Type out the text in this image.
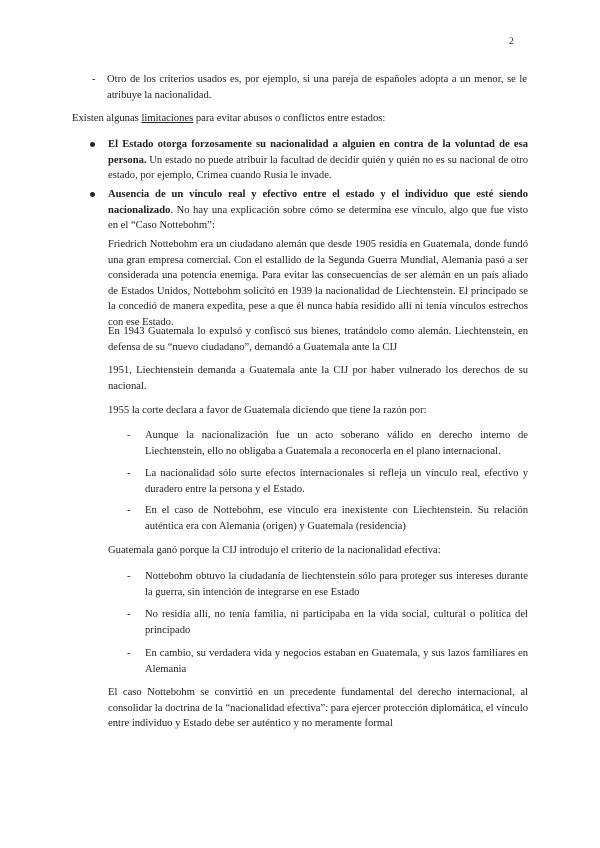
2
- Otro de los criterios usados es, por ejemplo, si una pareja de españoles adopta a un menor, se le atribuye la nacionalidad.

Existen algunas limitaciones para evitar abusos o conflictos entre estados:

El Estado otorga forzosamente su nacionalidad a alguien en contra de la voluntad de esa persona. Un estado no puede atribuir la facultad de decidir quién y quién no es su nacional de otro estado, por ejemplo, Crimea cuando Rusia le invade.

Ausencia de un vínculo real y efectivo entre el estado y el individuo que esté siendo nacionalizado. No hay una explicación sobre cómo se determina ese vínculo, algo que fue visto en el “Caso Nottebohm”:

Friedrich Nottebohm era un ciudadano alemán que desde 1905 residía en Guatemala, donde fundó una gran empresa comercial. Con el estallido de la Segunda Guerra Mundial, Alemania pasó a ser considerada una potencia enemiga. Para evitar las consecuencias de ser alemán en un país aliado de Estados Unidos, Nottebohm solicitó en 1939 la nacionalidad de Liechtenstein. El principado se la concedió de manera expedita, pese a que él nunca había residido allí ni tenía vínculos estrechos con ese Estado.

En 1943 Guatemala lo expulsó y confiscó sus bienes, tratándolo como alemán. Liechtenstein, en defensa de su “nuevo ciudadano”, demandó a Guatemala ante la CIJ

1951, Liechtenstein demanda a Guatemala ante la CIJ por haber vulnerado los derechos de su nacional.

1955 la corte declara a favor de Guatemala diciendo que tiene la razón por:

- Aunque la nacionalización fue un acto soberano válido en derecho interno de Liechtenstein, ello no obligaba a Guatemala a reconocerla en el plano internacional.

- La nacionalidad sólo surte efectos internacionales si refleja un vínculo real, efectivo y duradero entre la persona y el Estado.

- En el caso de Nottebohm, ese vínculo era inexistente con Liechtenstein. Su relación auténtica era con Alemania (origen) y Guatemala (residencia)

Guatemala ganó porque la CIJ introdujo el criterio de la nacionalidad efectiva:

- Nottebohm obtuvo la ciudadanía de liechtenstein sólo para proteger sus intereses durante la guerra, sin intención de integrarse en ese Estado

- No residía allí, no tenía familia, ni participaba en la vida social, cultural o política del principado

- En cambio, su verdadera vida y negocios estaban en Guatemala, y sus lazos familiares en Alemania

El caso Nottebohm se convirtió en un precedente fundamental del derecho internacional, al consolidar la doctrina de la “nacionalidad efectiva”: para ejercer protección diplomática, el vínculo entre individuo y Estado debe ser auténtico y no meramente formal
